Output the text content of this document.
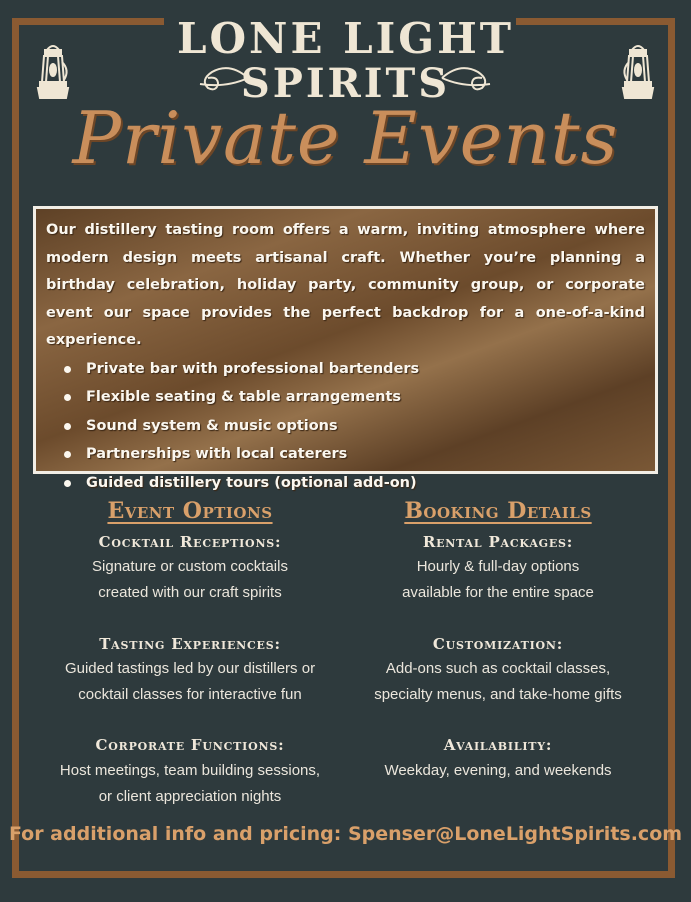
LONE LIGHT
SPIRITS
Private Events

Our distillery tasting room offers a warm, inviting atmosphere where modern design meets artisanal craft. Whether you’re planning a birthday celebration, holiday party, community group, or corporate event our space provides the perfect backdrop for a one-of-a-kind experience.

Private bar with professional bartenders
Flexible seating & table arrangements
Sound system & music options
Partnerships with local caterers
Guided distillery tours (optional add-on)
Event Options
Cocktail Receptions:
Signature or custom cocktails
created with our craft spirits
Tasting Experiences:
Guided tastings led by our distillers or
cocktail classes for interactive fun
Corporate Functions:
Host meetings, team building sessions,
or client appreciation nights
Booking Details
Rental Packages:
Hourly & full-day options
available for the entire space
Customization:
Add-ons such as cocktail classes,
specialty menus, and take-home gifts
Availability:
Weekday, evening, and weekends
For additional info and pricing: Spenser@LoneLightSpirits.com
